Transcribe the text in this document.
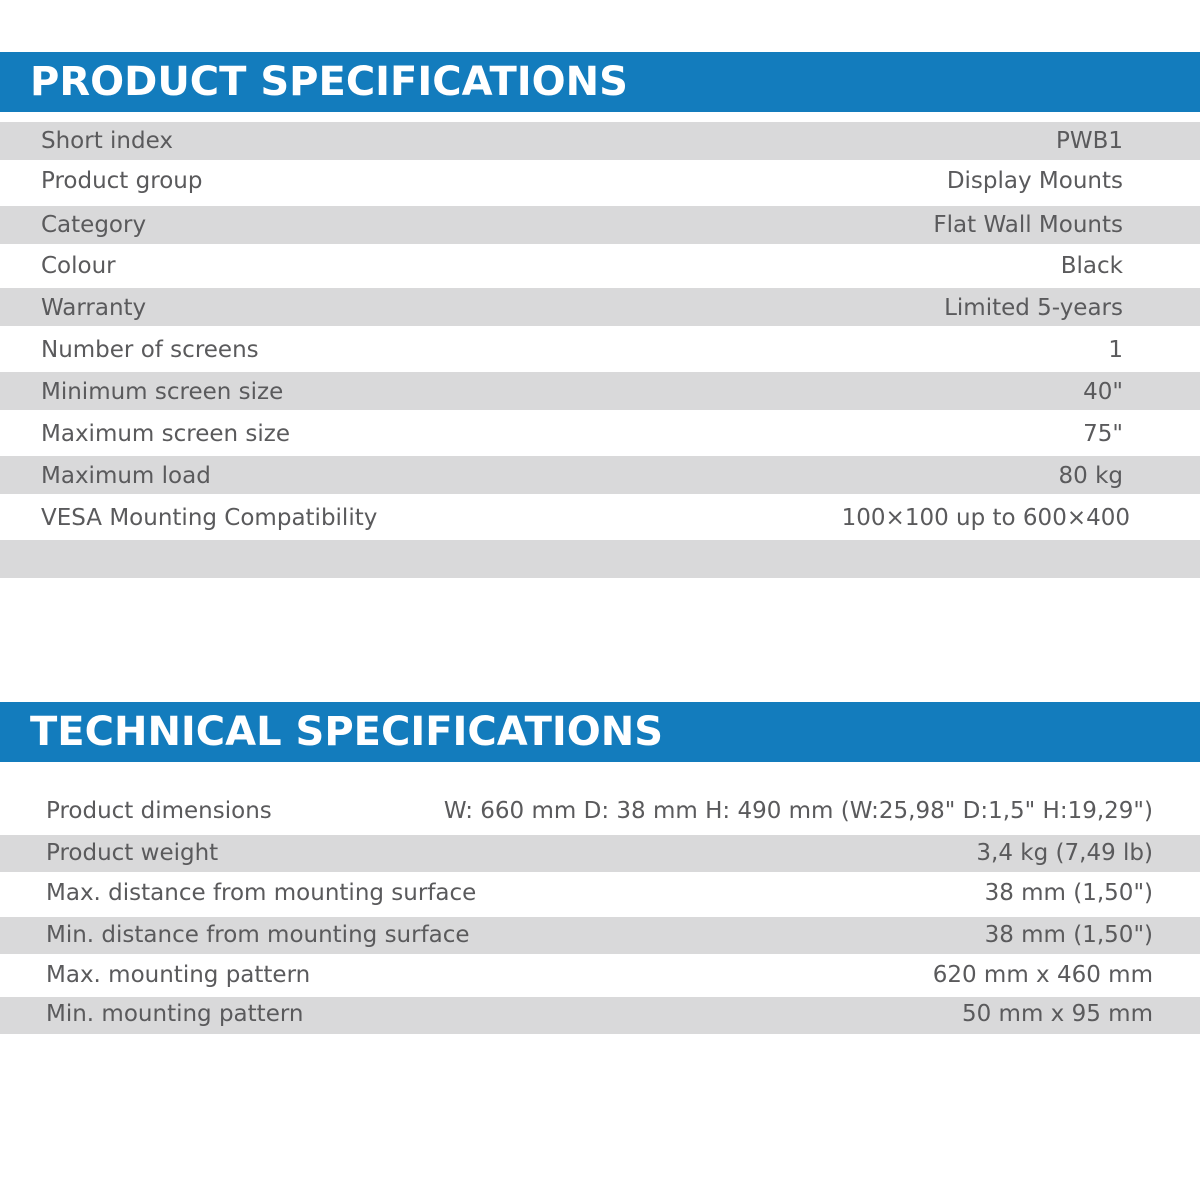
PRODUCT SPECIFICATIONS
Short index	PWB1
Product group	Display Mounts
Category	Flat Wall Mounts
Colour	Black
Warranty	Limited 5-years
Number of screens	1
Minimum screen size	40"
Maximum screen size	75"
Maximum load	80 kg
VESA Mounting Compatibility	100×100 up to 600×400
TECHNICAL SPECIFICATIONS
Product dimensions	W: 660 mm D: 38 mm H: 490 mm (W:25,98" D:1,5" H:19,29")
Product weight	3,4 kg (7,49 lb)
Max. distance from mounting surface	38 mm (1,50")
Min. distance from mounting surface	38 mm (1,50")
Max. mounting pattern	620 mm x 460 mm
Min. mounting pattern	50 mm x 95 mm
